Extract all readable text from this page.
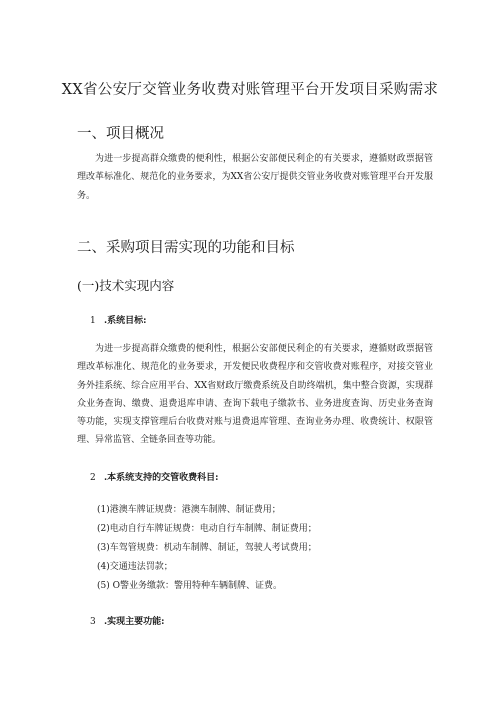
XX省公安厅交管业务收费对账管理平台开发项目采购需求
一、项目概况

为进一步提高群众缴费的便利性，根据公安部便民利企的有关要求，遵循财政票据管理改革标准化、规范化的业务要求，为XX省公安厅提供交管业务收费对账管理平台开发服务。

二、采购项目需实现的功能和目标
(一)技术实现内容
1 .系统目标:

为进一步提高群众缴费的便利性，根据公安部便民利企的有关要求，遵循财政票据管理改革标准化、规范化的业务要求，开发便民收费程序和交管收费对账程序，对接交管业务外挂系统、综合应用平台、XX省财政厅缴费系统及自助终端机，集中整合资源，实现群众业务查询、缴费、退费退库申请、查询下载电子缴款书、业务进度查询、历史业务查询等功能，实现支撑管理后台收费对账与退费退库管理、查询业务办理、收费统计、权限管理、异常监管、全链条回查等功能。

2 .本系统支持的交管收费科目:
(1)港澳车牌证规费：港澳车制牌、制证费用；
(2)电动自行车牌证规费：电动自行车制牌、制证费用；
(3)车驾管规费：机动车制牌、制证，驾驶人考试费用；
(4)交通违法罚款；
(5) O警业务缴款：警用特种车辆制牌、证费。
3 .实现主要功能:
